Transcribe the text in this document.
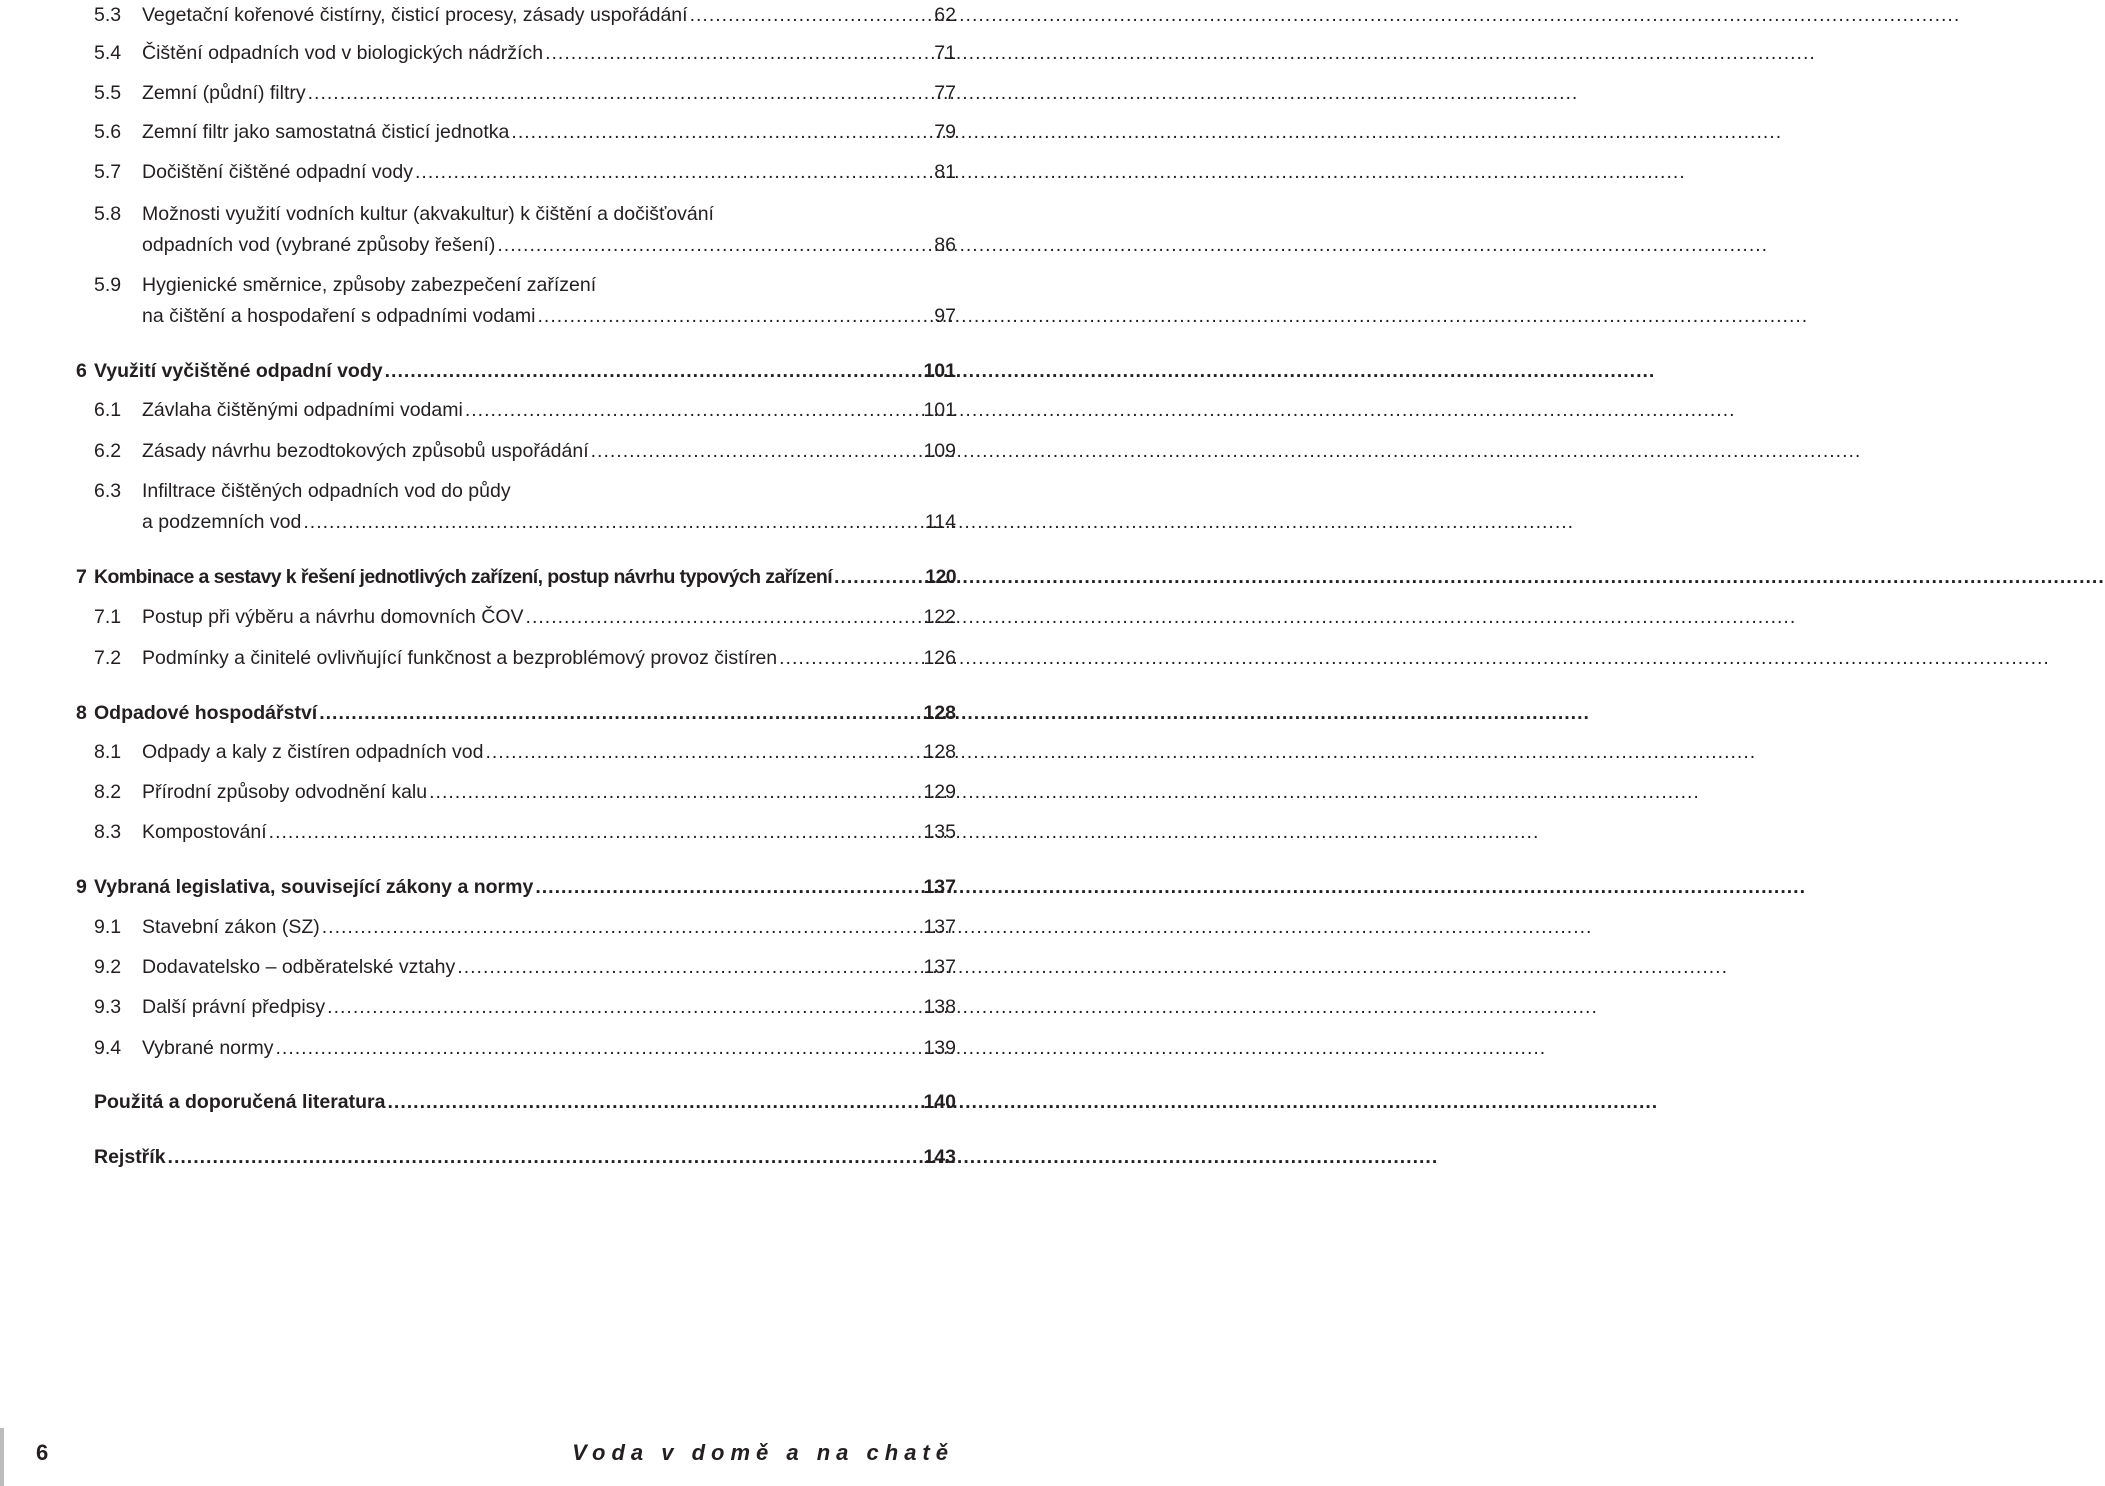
5.3 Vegetační kořenové čistírny, čisticí procesy, zásady uspořádání .....	62
5.4 Čištění odpadních vod v biologických nádržích .....	71
5.5 Zemní (půdní) filtry .....	77
5.6 Zemní filtr jako samostatná čisticí jednotka .....	79
5.7 Dočištění čištěné odpadní vody .....	81
5.8 Možnosti využití vodních kultur (akvakultur) k čištění a dočišťování
odpadních vod (vybrané způsoby řešení) .....	86
5.9 Hygienické směrnice, způsoby zabezpečení zařízení
na čištění a hospodaření s odpadními vodami .....	97
6 Využití vyčištěné odpadní vody .....	101
6.1 Závlaha čištěnými odpadními vodami .....	101
6.2 Zásady návrhu bezodtokových způsobů uspořádání .....	109
6.3 Infiltrace čištěných odpadních vod do půdy
a podzemních vod .....	114
7 Kombinace a sestavy k řešení jednotlivých zařízení, postup návrhu typových zařízení .....	120
7.1 Postup při výběru a návrhu domovních ČOV .....	122
7.2 Podmínky a činitelé ovlivňující funkčnost a bezproblémový provoz čistíren .....	126
8 Odpadové hospodářství .....	128
8.1 Odpady a kaly z čistíren odpadních vod .....	128
8.2 Přírodní způsoby odvodnění kalu .....	129
8.3 Kompostování .....	135
9 Vybraná legislativa, související zákony a normy .....	137
9.1 Stavební zákon (SZ) .....	137
9.2 Dodavatelsko – odběratelské vztahy .....	137
9.3 Další právní předpisy .....	138
9.4 Vybrané normy .....	139
Použitá a doporučená literatura .....	140
Rejstřík .....	143
6	Voda v domě a na chatě
